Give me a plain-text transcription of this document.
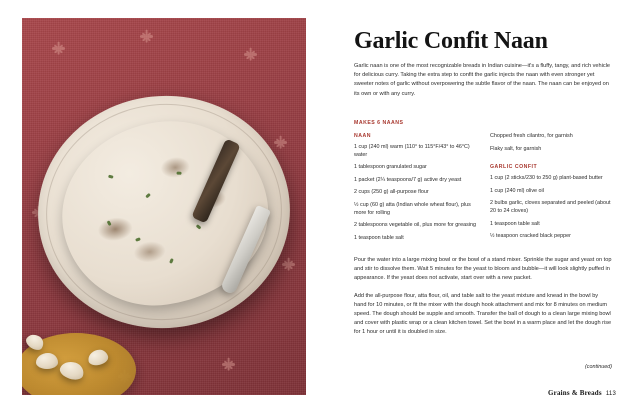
Garlic Confit Naan
Garlic naan is one of the most recognizable breads in Indian cuisine—it's a fluffy, tangy, and rich vehicle for delicious curry. Taking the extra step to confit the garlic injects the naan with even stronger yet sweeter notes of garlic without overpowering the subtle flavor of the naan. The naan can be enjoyed on its own or with any curry.
MAKES 6 NAANS
NAAN
1 cup (240 ml) warm (110° to 115°F/43° to 46°C) water
1 tablespoon granulated sugar
1 packet (2¼ teaspoons/7 g) active dry yeast
2 cups (250 g) all-purpose flour
½ cup (60 g) atta (Indian whole wheat flour), plus more for rolling
2 tablespoons vegetable oil, plus more for greasing
1 teaspoon table salt
Chopped fresh cilantro, for garnish
Flaky salt, for garnish
GARLIC CONFIT
1 cup (2 sticks/230 to 250 g) plant-based butter
1 cup (240 ml) olive oil
2 bulbs garlic, cloves separated and peeled (about 20 to 24 cloves)
1 teaspoon table salt
½ teaspoon cracked black pepper
Pour the water into a large mixing bowl or the bowl of a stand mixer. Sprinkle the sugar and yeast on top and stir to dissolve them. Wait 5 minutes for the yeast to bloom and bubble—it will look slightly puffed in appearance. If the yeast does not activate, start over with a new packet.
Add the all-purpose flour, atta flour, oil, and table salt to the yeast mixture and knead in the bowl by hand for 10 minutes, or fit the mixer with the dough hook attachment and mix for 8 minutes on medium speed. The dough should be supple and smooth. Transfer the ball of dough to a clean large mixing bowl and cover with plastic wrap or a clean kitchen towel. Set the bowl in a warm place and let the dough rise for 1 hour or until it is doubled in size.
(continued)
Grains & Breads 113
